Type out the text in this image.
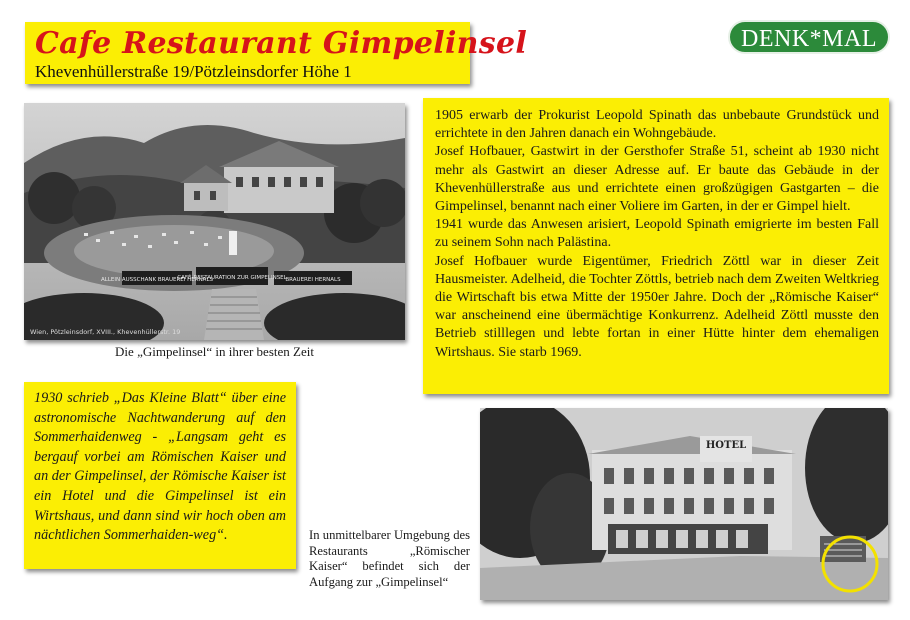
Cafe Restaurant Gimpelinsel
Khevenhüllerstraße 19/Pötzleinsdorfer Höhe 1
DENK*MAL
ALLEIN AUSSCHANK BRAUEREI HERNALS
CAFÉ-RESTAURATION ZUR GIMPELINSEL
BRAUEREI HERNALS
Wien, Pötzleinsdorf, XVIII., Khevenhüllerstr. 19
Die „Gimpelinsel“ in ihrer besten Zeit

1905 erwarb der Prokurist Leopold Spinath das unbebaute Grundstück und errichtete in den Jahren danach ein Wohngebäude.

Josef Hofbauer, Gastwirt in der Gersthofer Straße 51, scheint ab 1930 nicht mehr als Gastwirt an dieser Adresse auf. Er baute das Gebäude in der Khevenhüllerstraße aus und errichtete einen großzügigen Gastgarten – die Gimpelinsel, benannt nach einer Voliere im Garten, in der er Gimpel hielt.

1941 wurde das Anwesen arisiert, Leopold Spinath emigrierte im besten Fall zu seinem Sohn nach Palästina.

Josef Hofbauer wurde Eigentümer, Friedrich Zöttl war in dieser Zeit Hausmeister. Adelheid, die Tochter Zöttls, betrieb nach dem Zweiten Weltkrieg die Wirtschaft bis etwa Mitte der 1950er Jahre. Doch der „Römische Kaiser“ war anscheinend eine übermächtige Konkurrenz. Adelheid Zöttl musste den Betrieb stilllegen und lebte fortan in einer Hütte hinter dem ehemaligen Wirtshaus. Sie starb 1969.

1930 schrieb „Das Kleine Blatt“ über eine astronomische Nachtwanderung auf den Sommerhaidenweg - „Langsam geht es bergauf vorbei am Römischen Kaiser und an der Gimpelinsel, der Römische Kaiser ist ein Hotel und die Gimpelinsel ist ein Wirtshaus, und dann sind wir hoch oben am nächtlichen Sommerhaiden-weg“.	In unmittelbarer Umgebung des Restaurants „Römischer Kaiser“ befindet sich der Aufgang zur „Gimpelinsel“
HOTEL
